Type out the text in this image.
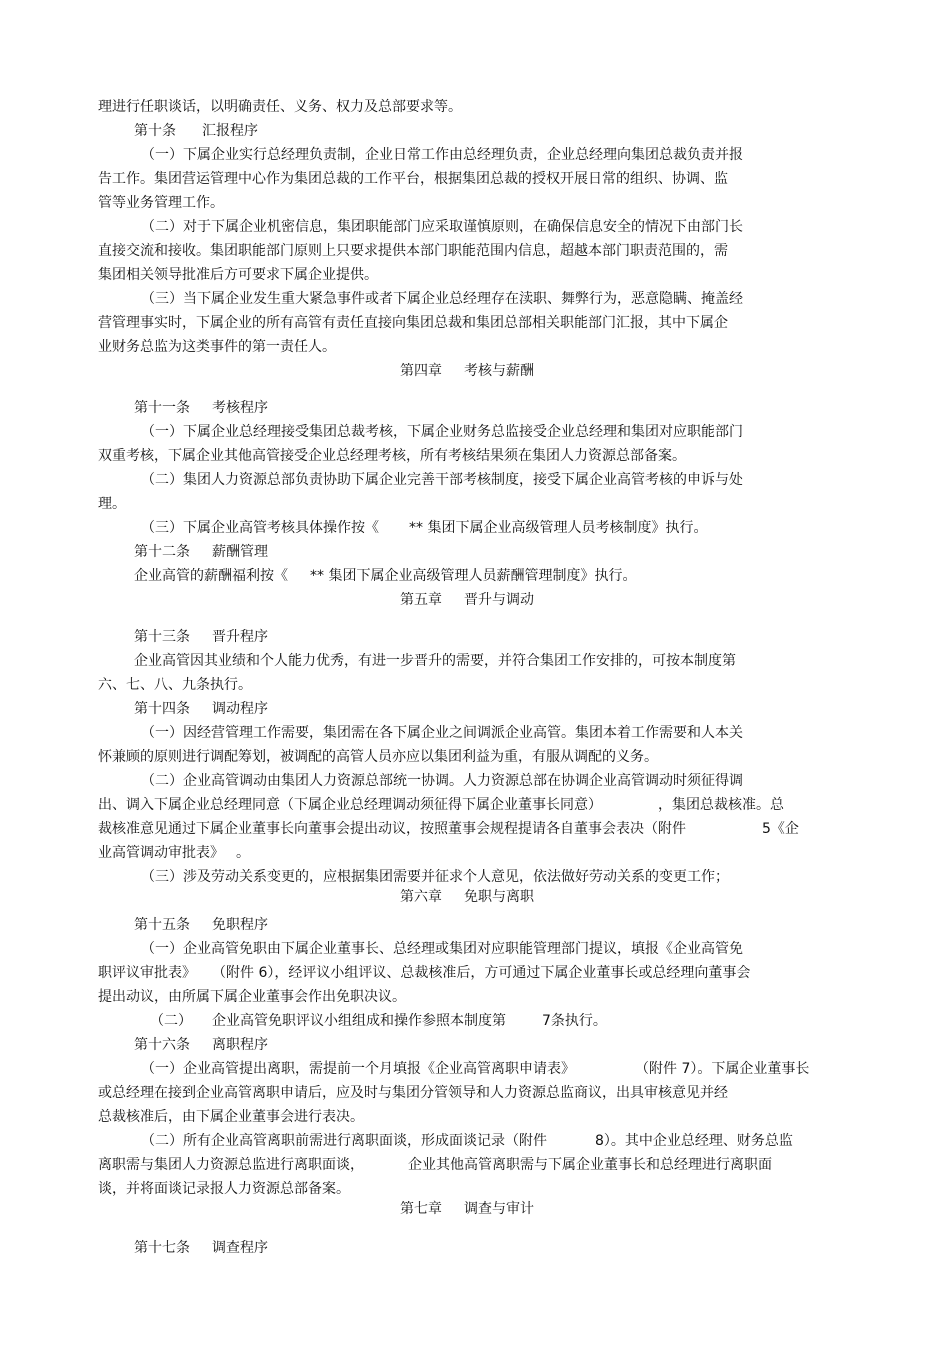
理进行任职谈话，以明确责任、义务、权力及总部要求等。
第十条 汇报程序
（一）下属企业实行总经理负责制，企业日常工作由总经理负责，企业总经理向集团总裁负责并报
告工作。集团营运管理中心作为集团总裁的工作平台，根据集团总裁的授权开展日常的组织、协调、监
管等业务管理工作。
（二）对于下属企业机密信息，集团职能部门应采取谨慎原则，在确保信息安全的情况下由部门长
直接交流和接收。集团职能部门原则上只要求提供本部门职能范围内信息，超越本部门职责范围的，需
集团相关领导批准后方可要求下属企业提供。
（三）当下属企业发生重大紧急事件或者下属企业总经理存在渎职、舞弊行为，恶意隐瞒、掩盖经
营管理事实时，下属企业的所有高管有责任直接向集团总裁和集团总部相关职能部门汇报，其中下属企
业财务总监为这类事件的第一责任人。
第四章 考核与薪酬
第十一条 考核程序
（一）下属企业总经理接受集团总裁考核，下属企业财务总监接受企业总经理和集团对应职能部门
双重考核，下属企业其他高管接受企业总经理考核，所有考核结果须在集团人力资源总部备案。
（二）集团人力资源总部负责协助下属企业完善干部考核制度，接受下属企业高管考核的申诉与处
理。
（三）下属企业高管考核具体操作按《 ** 集团下属企业高级管理人员考核制度》执行。
第十二条 薪酬管理
企业高管的薪酬福利按《 ** 集团下属企业高级管理人员薪酬管理制度》执行。
第五章 晋升与调动
第十三条 晋升程序
企业高管因其业绩和个人能力优秀，有进一步晋升的需要，并符合集团工作安排的，可按本制度第
六、七、八、九条执行。
第十四条 调动程序
（一）因经营管理工作需要，集团需在各下属企业之间调派企业高管。集团本着工作需要和人本关
怀兼顾的原则进行调配筹划，被调配的高管人员亦应以集团利益为重，有服从调配的义务。
（二）企业高管调动由集团人力资源总部统一协调。人力资源总部在协调企业高管调动时须征得调
出、调入下属企业总经理同意（下属企业总经理调动须征得下属企业董事长同意）	，集团总裁核准。总
裁核准意见通过下属企业董事长向董事会提出动议，按照董事会规程提请各自董事会表决（附件	5《企
业高管调动审批表》 。
（三）涉及劳动关系变更的，应根据集团需要并征求个人意见，依法做好劳动关系的变更工作；
第六章 免职与离职
第十五条 免职程序
（一）企业高管免职由下属企业董事长、总经理或集团对应职能管理部门提议，填报《企业高管免
职评议审批表》 （附件 6），经评议小组评议、总裁核准后，方可通过下属企业董事长或总经理向董事会
提出动议，由所属下属企业董事会作出免职决议。
（二） 企业高管免职评议小组组成和操作参照本制度第	7条执行。
第十六条 离职程序
（一）企业高管提出离职，需提前一个月填报《企业高管离职申请表》	（附件 7）。下属企业董事长
或总经理在接到企业高管离职申请后，应及时与集团分管领导和人力资源总监商议，出具审核意见并经
总裁核准后，由下属企业董事会进行表决。
（二）所有企业高管离职前需进行离职面谈，形成面谈记录（附件	8）。其中企业总经理、财务总监
离职需与集团人力资源总监进行离职面谈，	企业其他高管离职需与下属企业董事长和总经理进行离职面
谈，并将面谈记录报人力资源总部备案。
第七章 调查与审计
第十七条 调查程序
